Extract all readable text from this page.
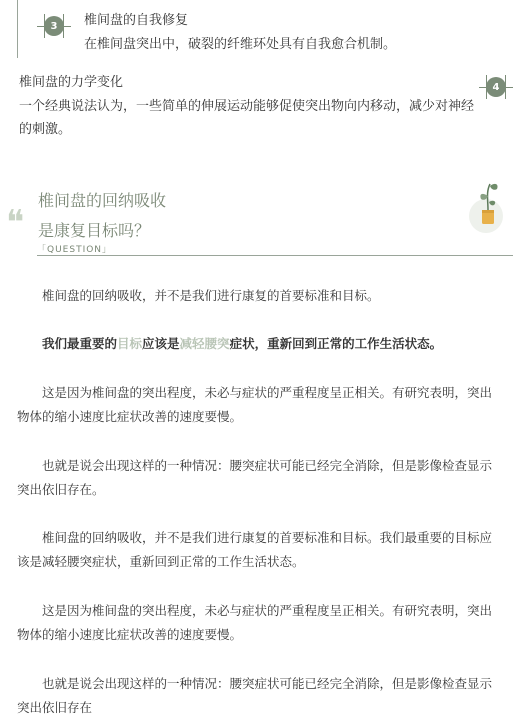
3	椎间盘的自我修复
在椎间盘突出中，破裂的纤维环处具有自我愈合机制。
椎间盘的力学变化	4
一个经典说法认为，一些简单的伸展运动能够促使突出物向内移动，减少对神经
的刺激。
❝
椎间盘的回纳吸收
是康复目标吗？
「QUESTION」
椎间盘的回纳吸收，并不是我们进行康复的首要标准和目标。
我们最重要的目标应该是减轻腰突症状，重新回到正常的工作生活状态。
这是因为椎间盘的突出程度，未必与症状的严重程度呈正相关。有研究表明，突出
物体的缩小速度比症状改善的速度要慢。
也就是说会出现这样的一种情况：腰突症状可能已经完全消除，但是影像检查显示
突出依旧存在。
椎间盘的回纳吸收，并不是我们进行康复的首要标准和目标。我们最重要的目标应
该是减轻腰突症状，重新回到正常的工作生活状态。
这是因为椎间盘的突出程度，未必与症状的严重程度呈正相关。有研究表明，突出
物体的缩小速度比症状改善的速度要慢。
也就是说会出现这样的一种情况：腰突症状可能已经完全消除，但是影像检查显示
突出依旧存在
